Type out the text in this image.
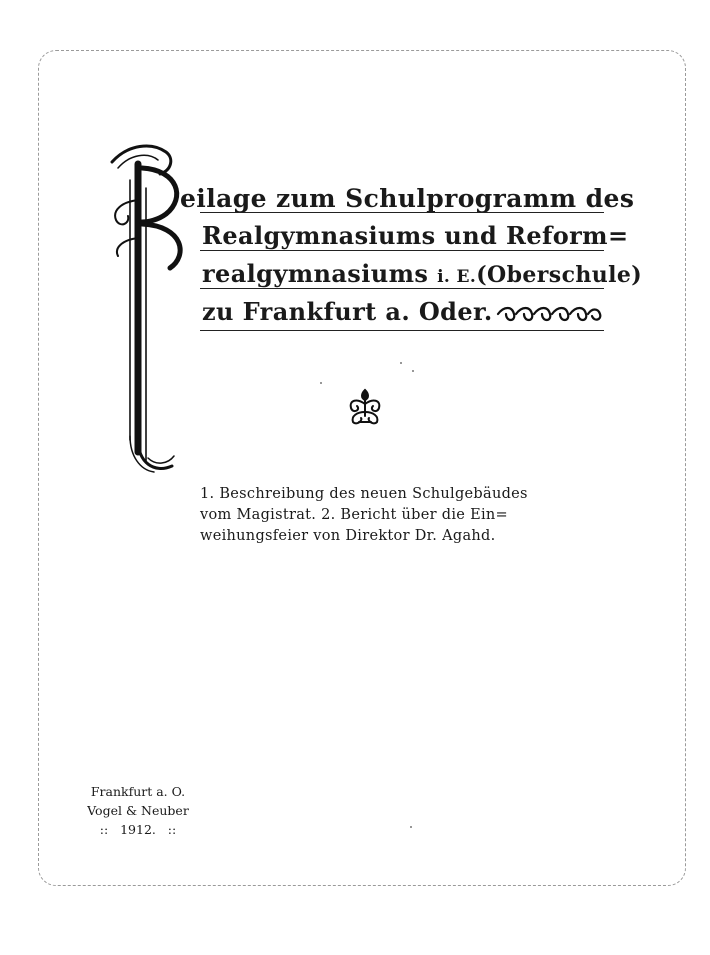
eilage zum Schulprogramm des
Realgymnasiums und Reform=
realgymnasiums i. E.(Oberschule)
zu Frankfurt a. Oder.
1. Beschreibung des neuen Schulgebäudes
vom Magistrat. 2. Bericht über die Ein=
weihungsfeier von Direktor Dr. Agahd.
Frankfurt a. O.
Vogel & Neuber
::   1912.   ::
